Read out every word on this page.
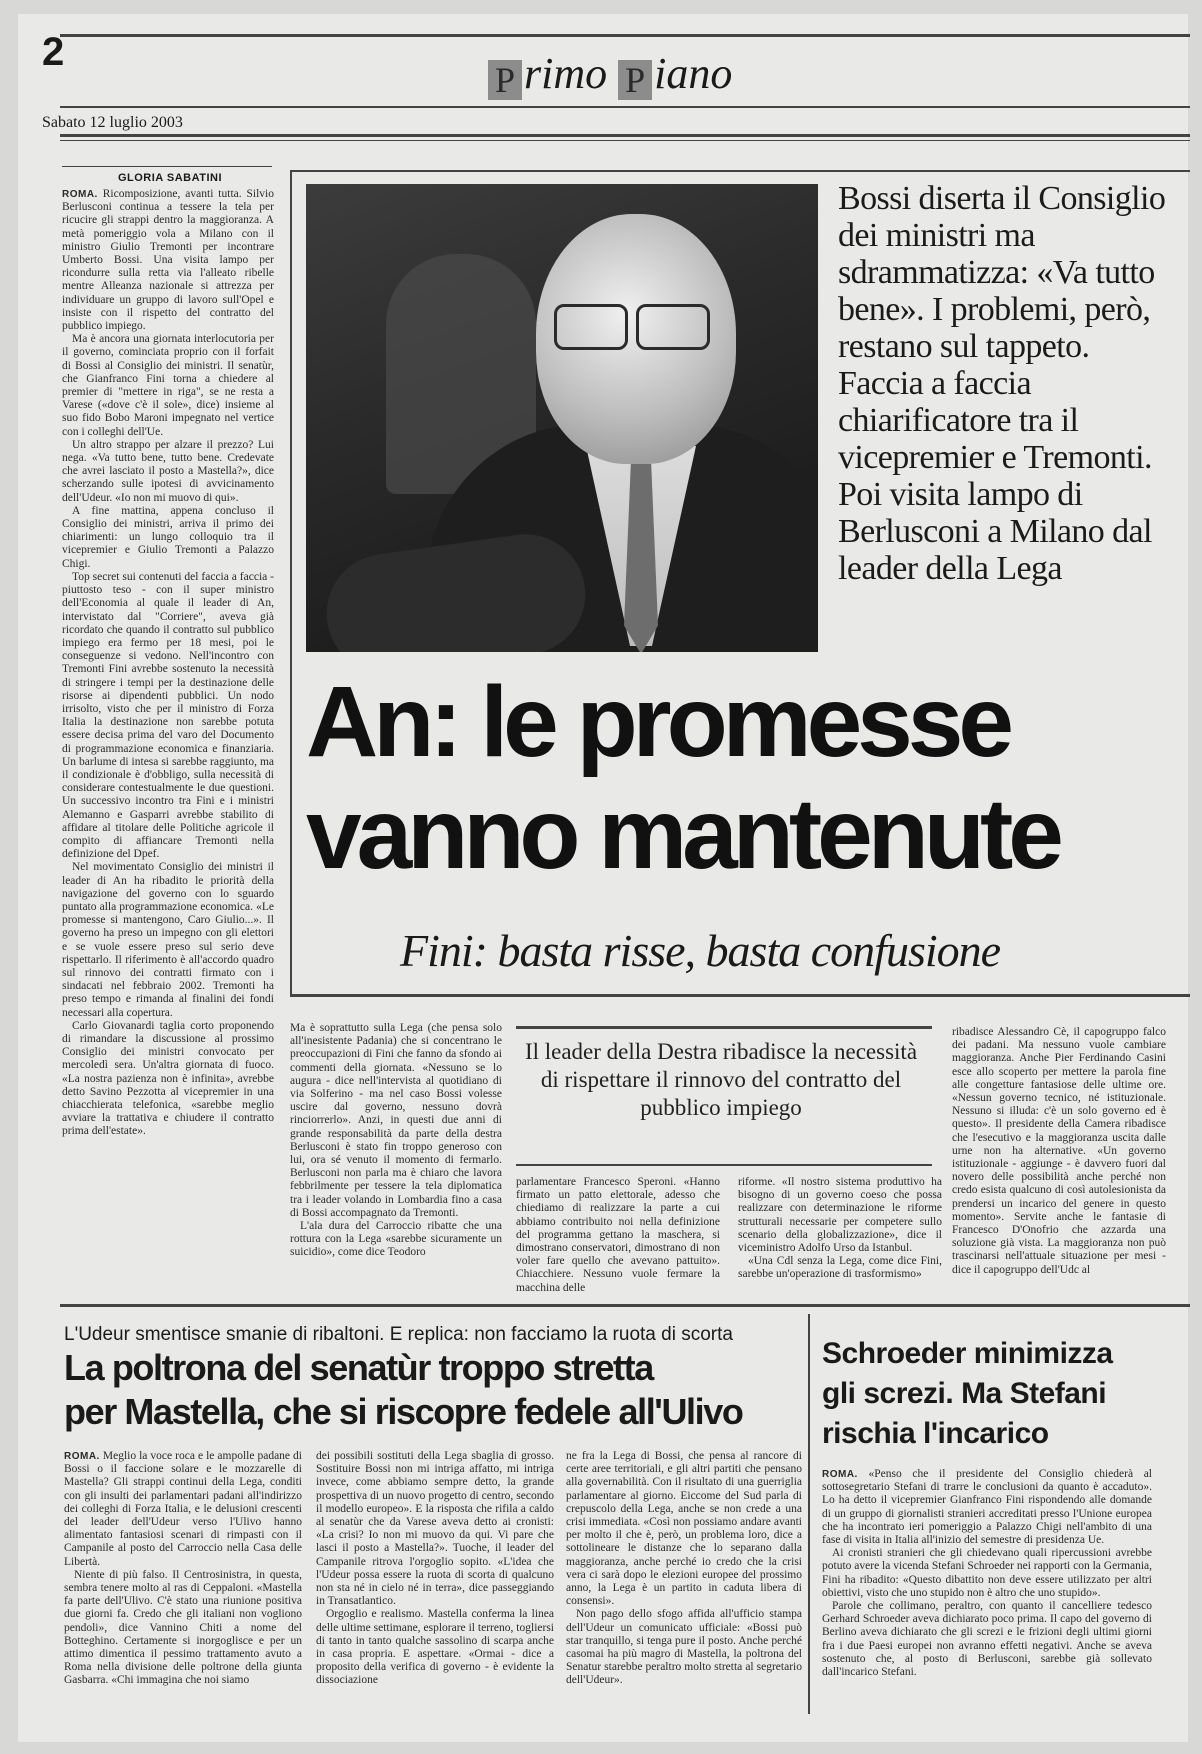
2
P rimo P iano
Sabato 12 luglio 2003
GLORIA SABATINI

ROMA. Ricomposizione, avanti tutta. Silvio Berlusconi continua a tessere la tela per ricucire gli strappi dentro la maggioranza. A metà pomeriggio vola a Milano con il ministro Giulio Tremonti per incontrare Umberto Bossi. Una visita lampo per ricondurre sulla retta via l'alleato ribelle mentre Alleanza nazionale si attrezza per individuare un gruppo di lavoro sull'Opel e insiste con il rispetto del contratto del pubblico impiego.

Ma è ancora una giornata interlocutoria per il governo, cominciata proprio con il forfait di Bossi al Consiglio dei ministri. Il senatùr, che Gianfranco Fini torna a chiedere al premier di "mettere in riga", se ne resta a Varese («dove c'è il sole», dice) insieme al suo fido Bobo Maroni impegnato nel vertice con i colleghi dell'Ue.

Un altro strappo per alzare il prezzo? Lui nega. «Va tutto bene, tutto bene. Credevate che avrei lasciato il posto a Mastella?», dice scherzando sulle ipotesi di avvicinamento dell'Udeur. «Io non mi muovo di qui».

A fine mattina, appena concluso il Consiglio dei ministri, arriva il primo dei chiarimenti: un lungo colloquio tra il vicepremier e Giulio Tremonti a Palazzo Chigi.

Top secret sui contenuti del faccia a faccia - piuttosto teso - con il super ministro dell'Economia al quale il leader di An, intervistato dal "Corriere", aveva già ricordato che quando il contratto sul pubblico impiego era fermo per 18 mesi, poi le conseguenze si vedono. Nell'incontro con Tremonti Fini avrebbe sostenuto la necessità di stringere i tempi per la destinazione delle risorse ai dipendenti pubblici. Un nodo irrisolto, visto che per il ministro di Forza Italia la destinazione non sarebbe potuta essere decisa prima del varo del Documento di programmazione economica e finanziaria. Un barlume di intesa si sarebbe raggiunto, ma il condizionale è d'obbligo, sulla necessità di considerare contestualmente le due questioni. Un successivo incontro tra Fini e i ministri Alemanno e Gasparri avrebbe stabilito di affidare al titolare delle Politiche agricole il compito di affiancare Tremonti nella definizione del Dpef.

Nel movimentato Consiglio dei ministri il leader di An ha ribadito le priorità della navigazione del governo con lo sguardo puntato alla programmazione economica. «Le promesse si mantengono, Caro Giulio...». Il governo ha preso un impegno con gli elettori e se vuole essere preso sul serio deve rispettarlo. Il riferimento è all'accordo quadro sul rinnovo dei contratti firmato con i sindacati nel febbraio 2002. Tremonti ha preso tempo e rimanda al finalini dei fondi necessari alla copertura.

Carlo Giovanardi taglia corto proponendo di rimandare la discussione al prossimo Consiglio dei ministri convocato per mercoledì sera. Un'altra giornata di fuoco. «La nostra pazienza non è infinita», avrebbe detto Savino Pezzotta al vicepremier in una chiacchierata telefonica, «sarebbe meglio avviare la trattativa e chiudere il contratto prima dell'estate».

Bossi diserta il Consiglio dei ministri ma sdrammatizza: «Va tutto bene». I problemi, però, restano sul tappeto. Faccia a faccia chiarificatore tra il vicepremier e Tremonti. Poi visita lampo di Berlusconi a Milano dal leader della Lega
An: le promesse
vanno mantenute
Fini: basta risse, basta confusione

Ma è soprattutto sulla Lega (che pensa solo all'inesistente Padania) che si concentrano le preoccupazioni di Fini che fanno da sfondo ai commenti della giornata. «Nessuno se lo augura - dice nell'intervista al quotidiano di via Solferino - ma nel caso Bossi volesse uscire dal governo, nessuno dovrà rinciorrerlo». Anzi, in questi due anni di grande responsabilità da parte della destra Berlusconi è stato fin troppo generoso con lui, ora sé venuto il momento di fermarlo. Berlusconi non parla ma è chiaro che lavora febbrilmente per tessere la tela diplomatica tra i leader volando in Lombardia fino a casa di Bossi accompagnato da Tremonti.

L'ala dura del Carroccio ribatte che una rottura con la Lega «sarebbe sicuramente un suicidio», come dice Teodoro

Il leader della Destra ribadisce la necessità di rispettare il rinnovo del contratto del pubblico impiego

parlamentare Francesco Speroni. «Hanno firmato un patto elettorale, adesso che chiediamo di realizzare la parte a cui abbiamo contribuito noi nella definizione del programma gettano la maschera, si dimostrano conservatori, dimostrano di non voler fare quello che avevano pattuito». Chiacchiere. Nessuno vuole fermare la macchina delle

riforme. «Il nostro sistema produttivo ha bisogno di un governo coeso che possa realizzare con determinazione le riforme strutturali necessarie per competere sullo scenario della globalizzazione», dice il viceministro Adolfo Urso da Istanbul.

«Una Cdl senza la Lega, come dice Fini, sarebbe un'operazione di trasformismo»

ribadisce Alessandro Cè, il capogruppo falco dei padani. Ma nessuno vuole cambiare maggioranza. Anche Pier Ferdinando Casini esce allo scoperto per mettere la parola fine alle congetture fantasiose delle ultime ore. «Nessun governo tecnico, né istituzionale. Nessuno si illuda: c'è un solo governo ed è questo». Il presidente della Camera ribadisce che l'esecutivo e la maggioranza uscita dalle urne non ha alternative. «Un governo istituzionale - aggiunge - è davvero fuori dal novero delle possibilità anche perché non credo esista qualcuno di così autolesionista da prendersi un incarico del genere in questo momento». Servite anche le fantasie di Francesco D'Onofrio che azzarda una soluzione già vista. La maggioranza non può trascinarsi nell'attuale situazione per mesi - dice il capogruppo dell'Udc al

L'Udeur smentisce smanie di ribaltoni. E replica: non facciamo la ruota di scorta
La poltrona del senatùr troppo stretta
per Mastella, che si riscopre fedele all'Ulivo

ROMA. Meglio la voce roca e le ampolle padane di Bossi o il faccione solare e le mozzarelle di Mastella? Gli strappi continui della Lega, conditi con gli insulti dei parlamentari padani all'indirizzo dei colleghi di Forza Italia, e le delusioni crescenti del leader dell'Udeur verso l'Ulivo hanno alimentato fantasiosi scenari di rimpasti con il Campanile al posto del Carroccio nella Casa delle Libertà.

Niente di più falso. Il Centrosinistra, in questa, sembra tenere molto al ras di Ceppaloni. «Mastella fa parte dell'Ulivo. C'è stato una riunione positiva due giorni fa. Credo che gli italiani non vogliono pendoli», dice Vannino Chiti a nome del Botteghino. Certamente si inorgoglisce e per un attimo dimentica il pessimo trattamento avuto a Roma nella divisione delle poltrone della giunta Gasbarra. «Chi immagina che noi siamo

dei possibili sostituti della Lega sbaglia di grosso. Sostituire Bossi non mi intriga affatto, mi intriga invece, come abbiamo sempre detto, la grande prospettiva di un nuovo progetto di centro, secondo il modello europeo». E la risposta che rifila a caldo al senatùr che da Varese aveva detto ai cronisti: «La crisi? Io non mi muovo da qui. Vi pare che lasci il posto a Mastella?». Tuoche, il leader del Campanile ritrova l'orgoglio sopito. «L'idea che l'Udeur possa essere la ruota di scorta di qualcuno non sta né in cielo né in terra», dice passeggiando in Transatlantico.

Orgoglio e realismo. Mastella conferma la linea delle ultime settimane, esplorare il terreno, togliersi di tanto in tanto qualche sassolino di scarpa anche in casa propria. E aspettare. «Ormai - dice a proposito della verifica di governo - è evidente la dissociazione

ne fra la Lega di Bossi, che pensa al rancore di certe aree territoriali, e gli altri partiti che pensano alla governabilità. Con il risultato di una guerriglia parlamentare al giorno. Eiccome del Sud parla di crepuscolo della Lega, anche se non crede a una crisi immediata. «Così non possiamo andare avanti per molto il che è, però, un problema loro, dice a sottolineare le distanze che lo separano dalla maggioranza, anche perché io credo che la crisi vera ci sarà dopo le elezioni europee del prossimo anno, la Lega è un partito in caduta libera di consensi».

Non pago dello sfogo affida all'ufficio stampa dell'Udeur un comunicato ufficiale: «Bossi può star tranquillo, si tenga pure il posto. Anche perché casomai ha più magro di Mastella, la poltrona del Senatur starebbe peraltro molto stretta al segretario dell'Udeur».

Schroeder minimizza
gli screzi. Ma Stefani
rischia l'incarico

ROMA. «Penso che il presidente del Consiglio chiederà al sottosegretario Stefani di trarre le conclusioni da quanto è accaduto». Lo ha detto il vicepremier Gianfranco Fini rispondendo alle domande di un gruppo di giornalisti stranieri accreditati presso l'Unione europea che ha incontrato ieri pomeriggio a Palazzo Chigi nell'ambito di una fase di visita in Italia all'inizio del semestre di presidenza Ue.

Ai cronisti stranieri che gli chiedevano quali ripercussioni avrebbe potuto avere la vicenda Stefani Schroeder nei rapporti con la Germania, Fini ha ribadito: «Questo dibattito non deve essere utilizzato per altri obiettivi, visto che uno stupido non è altro che uno stupido».

Parole che collimano, peraltro, con quanto il cancelliere tedesco Gerhard Schroeder aveva dichiarato poco prima. Il capo del governo di Berlino aveva dichiarato che gli screzi e le frizioni degli ultimi giorni fra i due Paesi europei non avranno effetti negativi. Anche se aveva sostenuto che, al posto di Berlusconi, sarebbe già sollevato dall'incarico Stefani.
